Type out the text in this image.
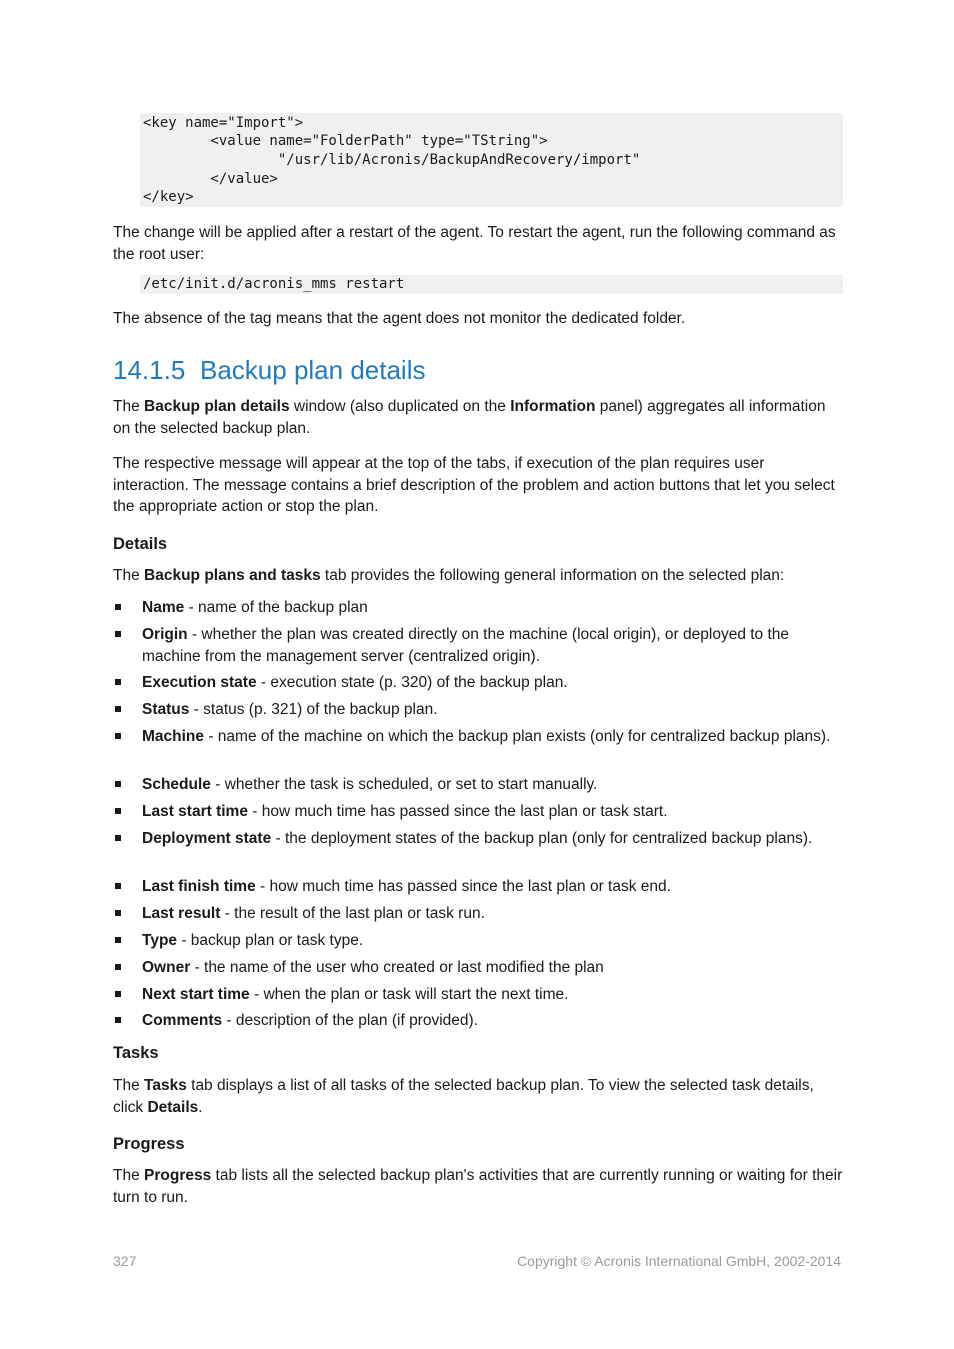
<key name="Import">
<value name="FolderPath" type="TString">
"/usr/lib/Acronis/BackupAndRecovery/import"
</value>
</key>
The change will be applied after a restart of the agent. To restart the agent, run the following command as the root user:
/etc/init.d/acronis_mms restart
The absence of the tag means that the agent does not monitor the dedicated folder.
14.1.5 Backup plan details
The Backup plan details window (also duplicated on the Information panel) aggregates all information on the selected backup plan.
The respective message will appear at the top of the tabs, if execution of the plan requires user interaction. The message contains a brief description of the problem and action buttons that let you select the appropriate action or stop the plan.
Details
The Backup plans and tasks tab provides the following general information on the selected plan:
Name - name of the backup plan
Origin - whether the plan was created directly on the machine (local origin), or deployed to the machine from the management server (centralized origin).
Execution state - execution state (p. 320) of the backup plan.
Status - status (p. 321) of the backup plan.
Machine - name of the machine on which the backup plan exists (only for centralized backup plans).
Schedule - whether the task is scheduled, or set to start manually.
Last start time - how much time has passed since the last plan or task start.
Deployment state - the deployment states of the backup plan (only for centralized backup plans).
Last finish time - how much time has passed since the last plan or task end.
Last result - the result of the last plan or task run.
Type - backup plan or task type.
Owner - the name of the user who created or last modified the plan
Next start time - when the plan or task will start the next time.
Comments - description of the plan (if provided).
Tasks
The Tasks tab displays a list of all tasks of the selected backup plan. To view the selected task details, click Details.
Progress
The Progress tab lists all the selected backup plan's activities that are currently running or waiting for their turn to run.
327	Copyright © Acronis International GmbH, 2002-2014
